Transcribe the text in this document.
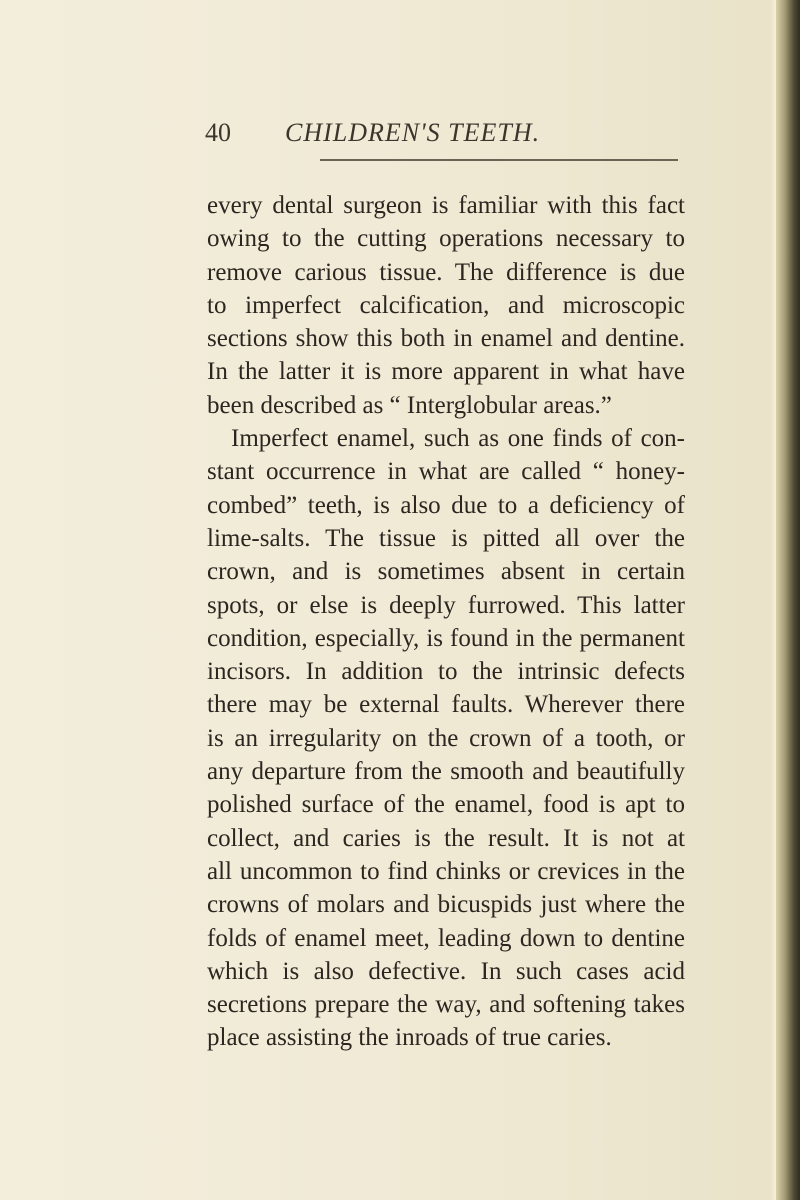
40 CHILDREN'S TEETH.
every dental surgeon is familiar with this fact
owing to the cutting operations necessary to
remove carious tissue. The difference is due
to imperfect calcification, and microscopic
sections show this both in enamel and dentine.
In the latter it is more apparent in what have
been described as “ Interglobular areas.”
Imperfect enamel, such as one finds of con-
stant occurrence in what are called “ honey-
combed” teeth, is also due to a deficiency of
lime-salts. The tissue is pitted all over the
crown, and is sometimes absent in certain
spots, or else is deeply furrowed. This latter
condition, especially, is found in the permanent
incisors. In addition to the intrinsic defects
there may be external faults. Wherever there
is an irregularity on the crown of a tooth, or
any departure from the smooth and beautifully
polished surface of the enamel, food is apt to
collect, and caries is the result. It is not at
all uncommon to find chinks or crevices in the
crowns of molars and bicuspids just where the
folds of enamel meet, leading down to dentine
which is also defective. In such cases acid
secretions prepare the way, and softening takes
place assisting the inroads of true caries.
